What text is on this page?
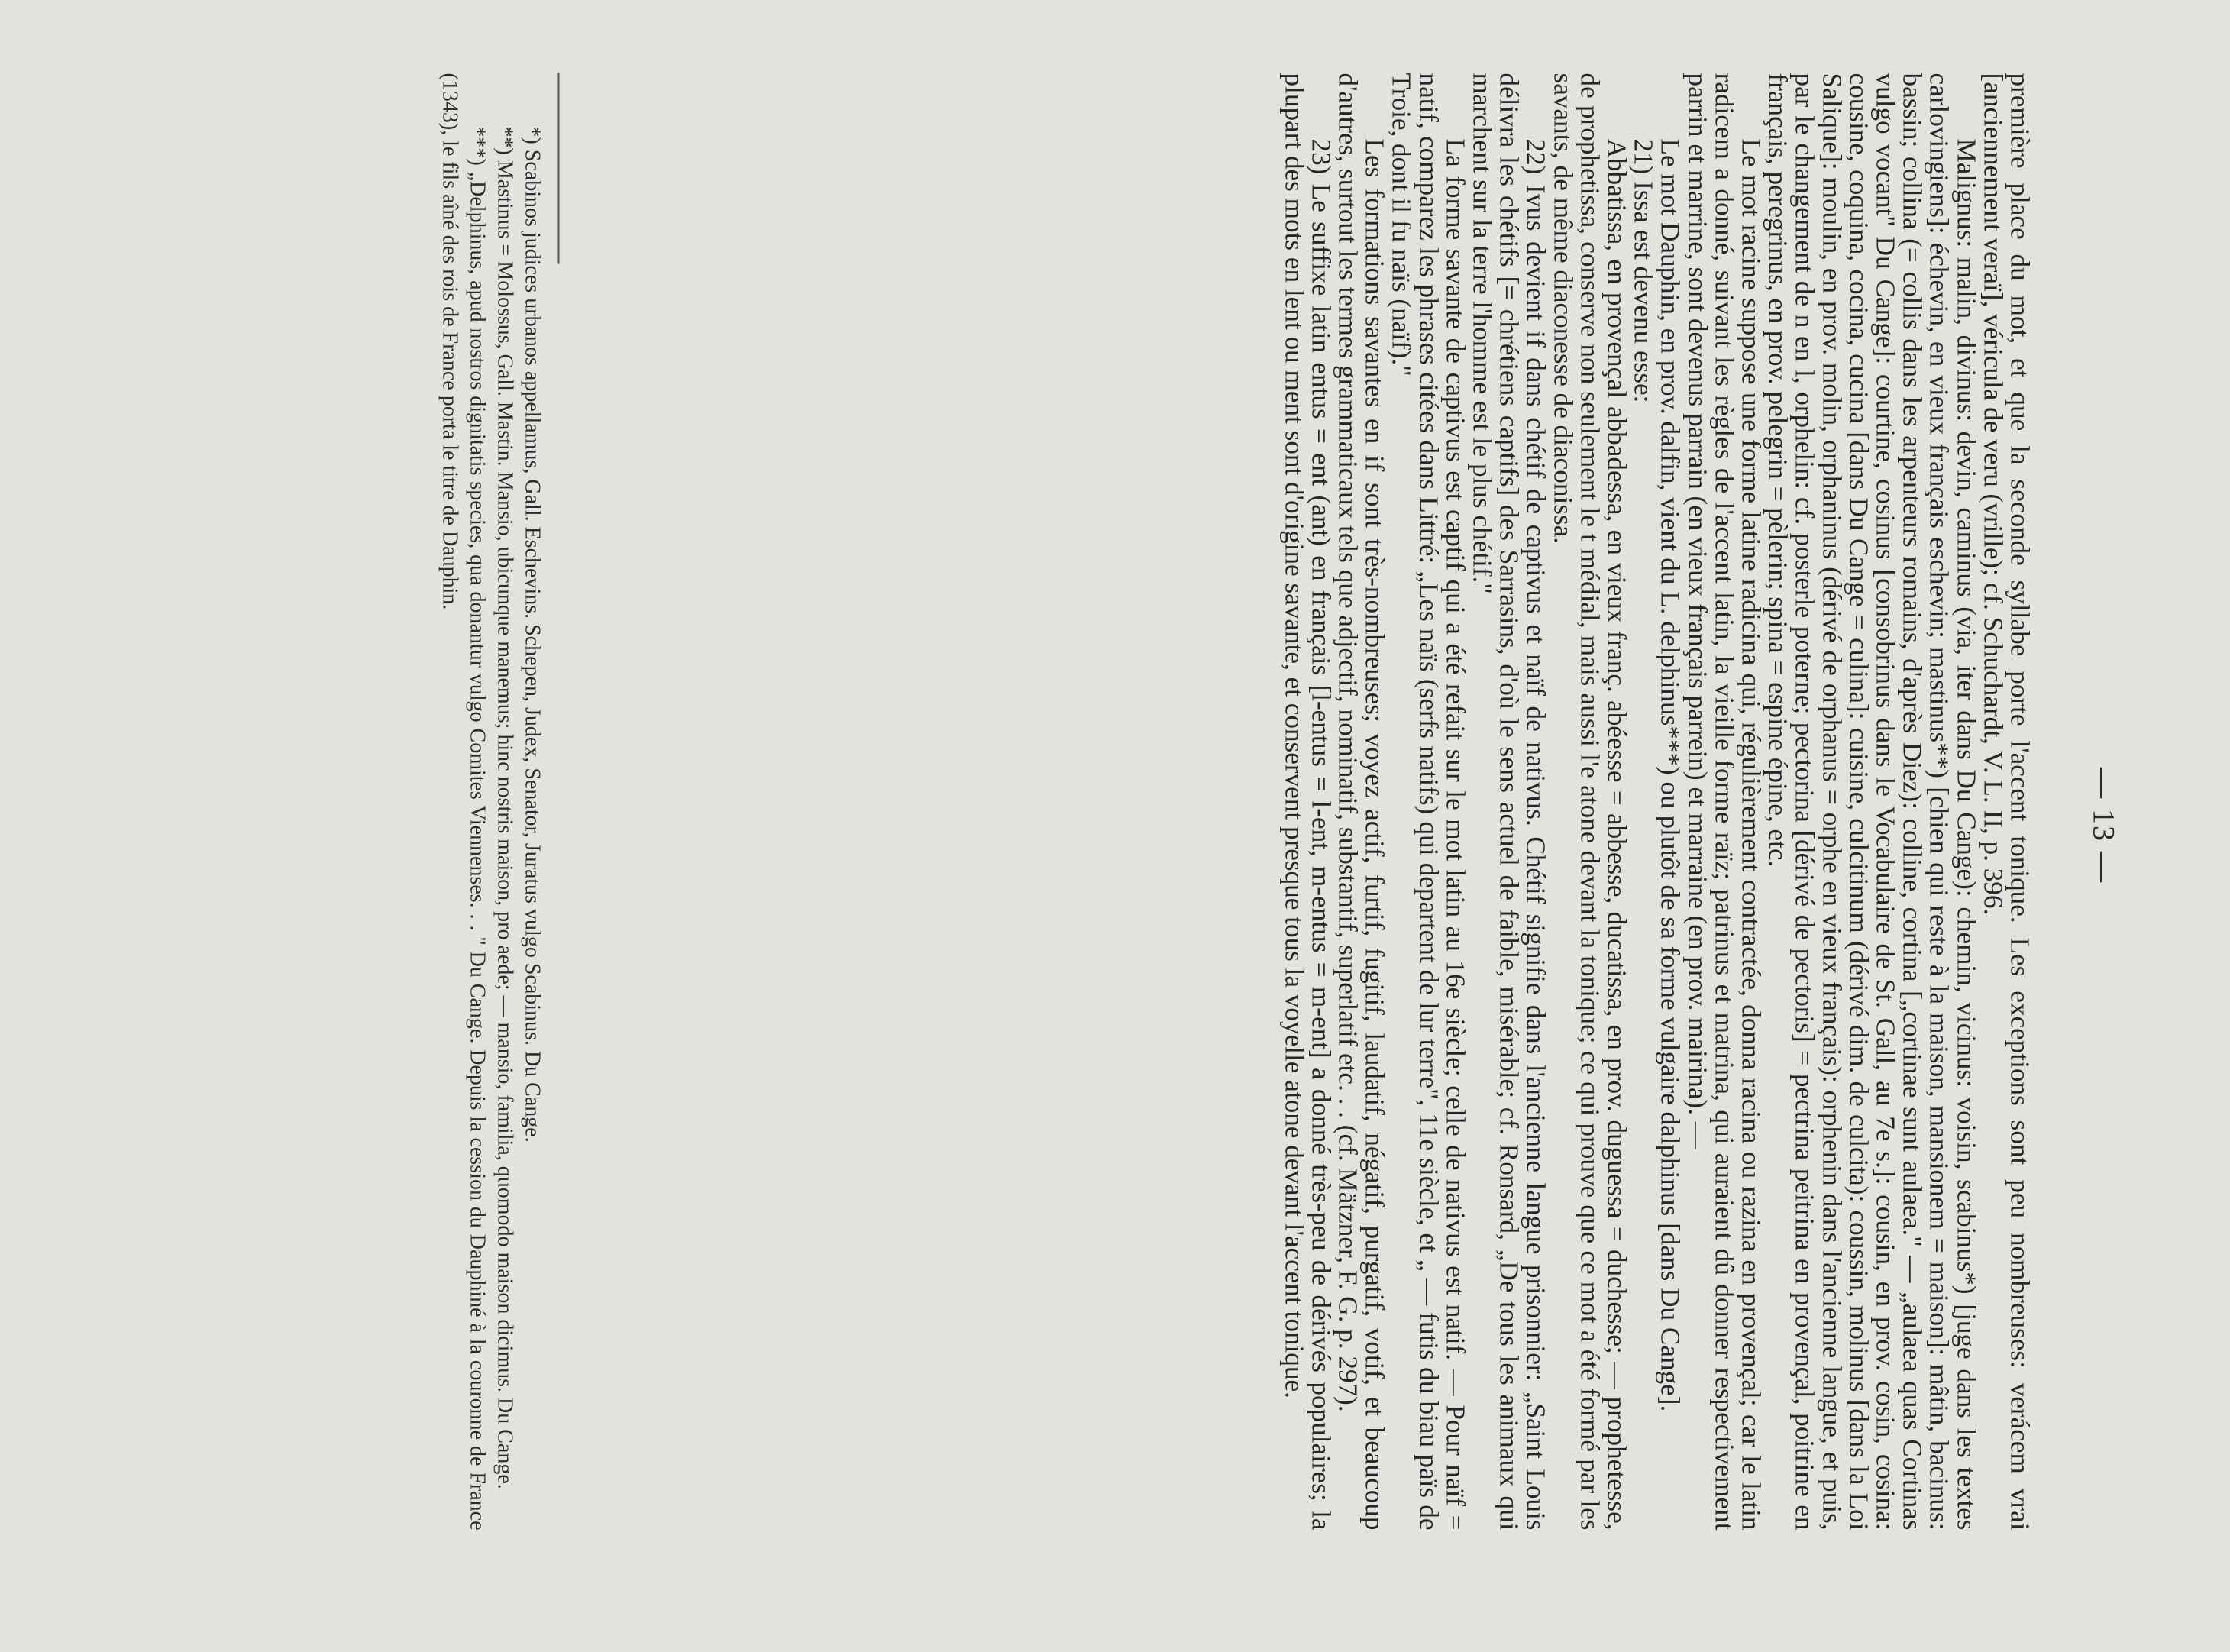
— 13 —

première place du mot, et que la seconde syllabe porte l'accent tonique. Les exceptions sont peu nombreuses: verácem vrai [anciennement veraï], véricula de veru (vrille); cf. Schuchardt, V. L. II, p. 396.

Malignus: malin, divinus: devin, caminus (via, iter dans Du Cange): chemin, vicinus: voisin, scabinus*) [juge dans les textes carlovingiens]: échevin, en vieux français eschevin; mastinus**) [chien qui reste à la maison, mansionem = maison]: mâtin, bacinus: bassin; collina (= collis dans les arpenteurs romains, d'après Diez): colline, cortina [„cortinae sunt aulaea." — „aulaea quas Cortinas vulgo vocant" Du Cange]: courtine, cosinus [consobrinus dans le Vocabulaire de St. Gall, au 7e s.]: cousin, en prov. cosin, cosina: cousine, coquina, cocina, cucina [dans Du Cange = culina]: cuisine, culcitinum (dérivé dim. de culcita): coussin, molinus [dans la Loi Salique]: moulin, en prov. molin, orphaninus (dérivé de orphanus = orphe en vieux français): orphenin dans l'ancienne langue, et puis, par le changement de n en l, orphelin: cf. posterle poterne; pectorina [dérivé de pectoris] = pectrina peitrina en provençal, poitrine en français, peregrinus, en prov. pelegrin = pèlerin; spina = espine épine, etc.

Le mot racine suppose une forme latine radicina qui, régulièrement contractée, donna racina ou razina en provençal; car le latin radicem a donné, suivant les règles de l'accent latin, la vieille forme raïz; patrinus et matrina, qui auraient dû donner respectivement parrin et marrine, sont devenus parrain (en vieux français parrein) et marraine (en prov. mairina). —

Le mot Dauphin, en prov. dalfin, vient du L. delphinus***) ou plutôt de sa forme vulgaire dalphinus [dans Du Cange].

21) Issa est devenu esse:

Abbatissa, en provençal abbadessa, en vieux franç. abéesse = abbesse, ducatissa, en prov. duguessa = duchesse; — prophetesse, de prophetissa, conserve non seulement le t médial, mais aussi l'e atone devant la tonique; ce qui prouve que ce mot a été formé par les savants, de même diaconesse de diaconissa.

22) Ivus devient if dans chétif de captivus et naïf de nativus. Chétif signifie dans l'ancienne langue prisonnier: „Saint Louis délivra les chétifs [= chrétiens captifs] des Sarrasins, d'où le sens actuel de faible, misérable; cf. Ronsard, „De tous les animaux qui marchent sur la terre l'homme est le plus chétif."

La forme savante de captivus est captif qui a été refait sur le mot latin au 16e siècle; celle de nativus est natif. — Pour naïf = natif, comparez les phrases citées dans Littré: „Les naïs (serfs natifs) qui departent de lur terre", 11e siècle, et „ — futis du biau païs de Troie, dont il fu naïs (naïf)."

Les formations savantes en if sont très-nombreuses; voyez actif, furtif, fugitif, laudatif, négatif, purgatif, votif, et beaucoup d'autres, surtout les termes grammaticaux tels que adjectif, nominatif, substantif, superlatif etc. . . (cf. Mätzner, F. G. p. 297).

23) Le suffixe latin entus = ent (ant) en français [l-entus = l-ent, m-entus = m-ent] a donné très-peu de dérivés populaires; la plupart des mots en lent ou ment sont d'origine savante, et conservent presque tous la voyelle atone devant l'accent tonique.

*) Scabinos judices urbanos appellamus, Gall. Eschevins. Schepen, Judex, Senator, Juratus vulgo Scabinus. Du Cange.

**) Mastinus = Molossus, Gall. Mastin. Mansio, ubicunque manemus; hinc nostris maison, pro aede; — mansio, familia, quomodo maison dicimus. Du Cange.

***) „Delphinus, apud nostros dignitatis species, qua donantur vulgo Comites Viennenses. . . " Du Cange. Depuis la cession du Dauphiné à la couronne de France (1343), le fils aîné des rois de France porta le titre de Dauphin.
